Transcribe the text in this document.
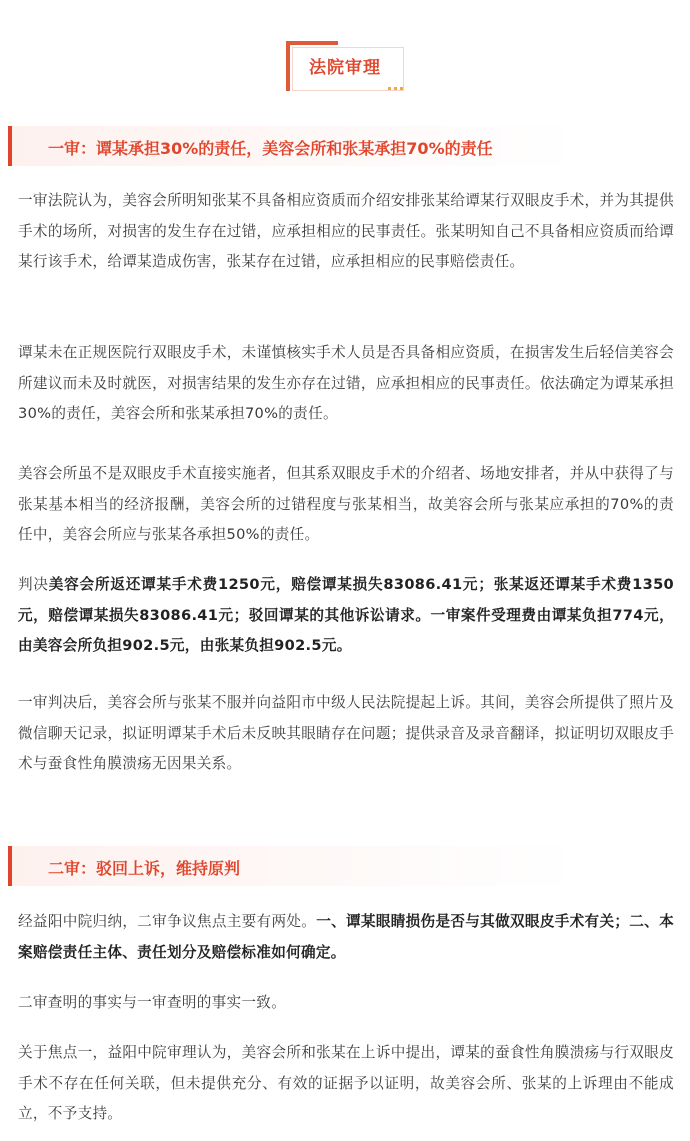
法院审理
一审：谭某承担30%的责任，美容会所和张某承担70%的责任
一审法院认为，美容会所明知张某不具备相应资质而介绍安排张某给谭某行双眼皮手术，并为其提供手术的场所，对损害的发生存在过错，应承担相应的民事责任。张某明知自己不具备相应资质而给谭某行该手术，给谭某造成伤害，张某存在过错，应承担相应的民事赔偿责任。
谭某未在正规医院行双眼皮手术，未谨慎核实手术人员是否具备相应资质，在损害发生后轻信美容会所建议而未及时就医，对损害结果的发生亦存在过错，应承担相应的民事责任。依法确定为谭某承担30%的责任，美容会所和张某承担70%的责任。
美容会所虽不是双眼皮手术直接实施者，但其系双眼皮手术的介绍者、场地安排者，并从中获得了与张某基本相当的经济报酬，美容会所的过错程度与张某相当，故美容会所与张某应承担的70%的责任中，美容会所应与张某各承担50%的责任。
判决美容会所返还谭某手术费1250元，赔偿谭某损失83086.41元；张某返还谭某手术费1350元，赔偿谭某损失83086.41元；驳回谭某的其他诉讼请求。一审案件受理费由谭某负担774元，由美容会所负担902.5元，由张某负担902.5元。
一审判决后，美容会所与张某不服并向益阳市中级人民法院提起上诉。其间，美容会所提供了照片及微信聊天记录，拟证明谭某手术后未反映其眼睛存在问题；提供录音及录音翻译，拟证明切双眼皮手术与蚕食性角膜溃疡无因果关系。
二审：驳回上诉，维持原判
经益阳中院归纳，二审争议焦点主要有两处。一、谭某眼睛损伤是否与其做双眼皮手术有关；二、本案赔偿责任主体、责任划分及赔偿标准如何确定。
二审查明的事实与一审查明的事实一致。
关于焦点一，益阳中院审理认为，美容会所和张某在上诉中提出，谭某的蚕食性角膜溃疡与行双眼皮手术不存在任何关联，但未提供充分、有效的证据予以证明，故美容会所、张某的上诉理由不能成立，不予支持。
